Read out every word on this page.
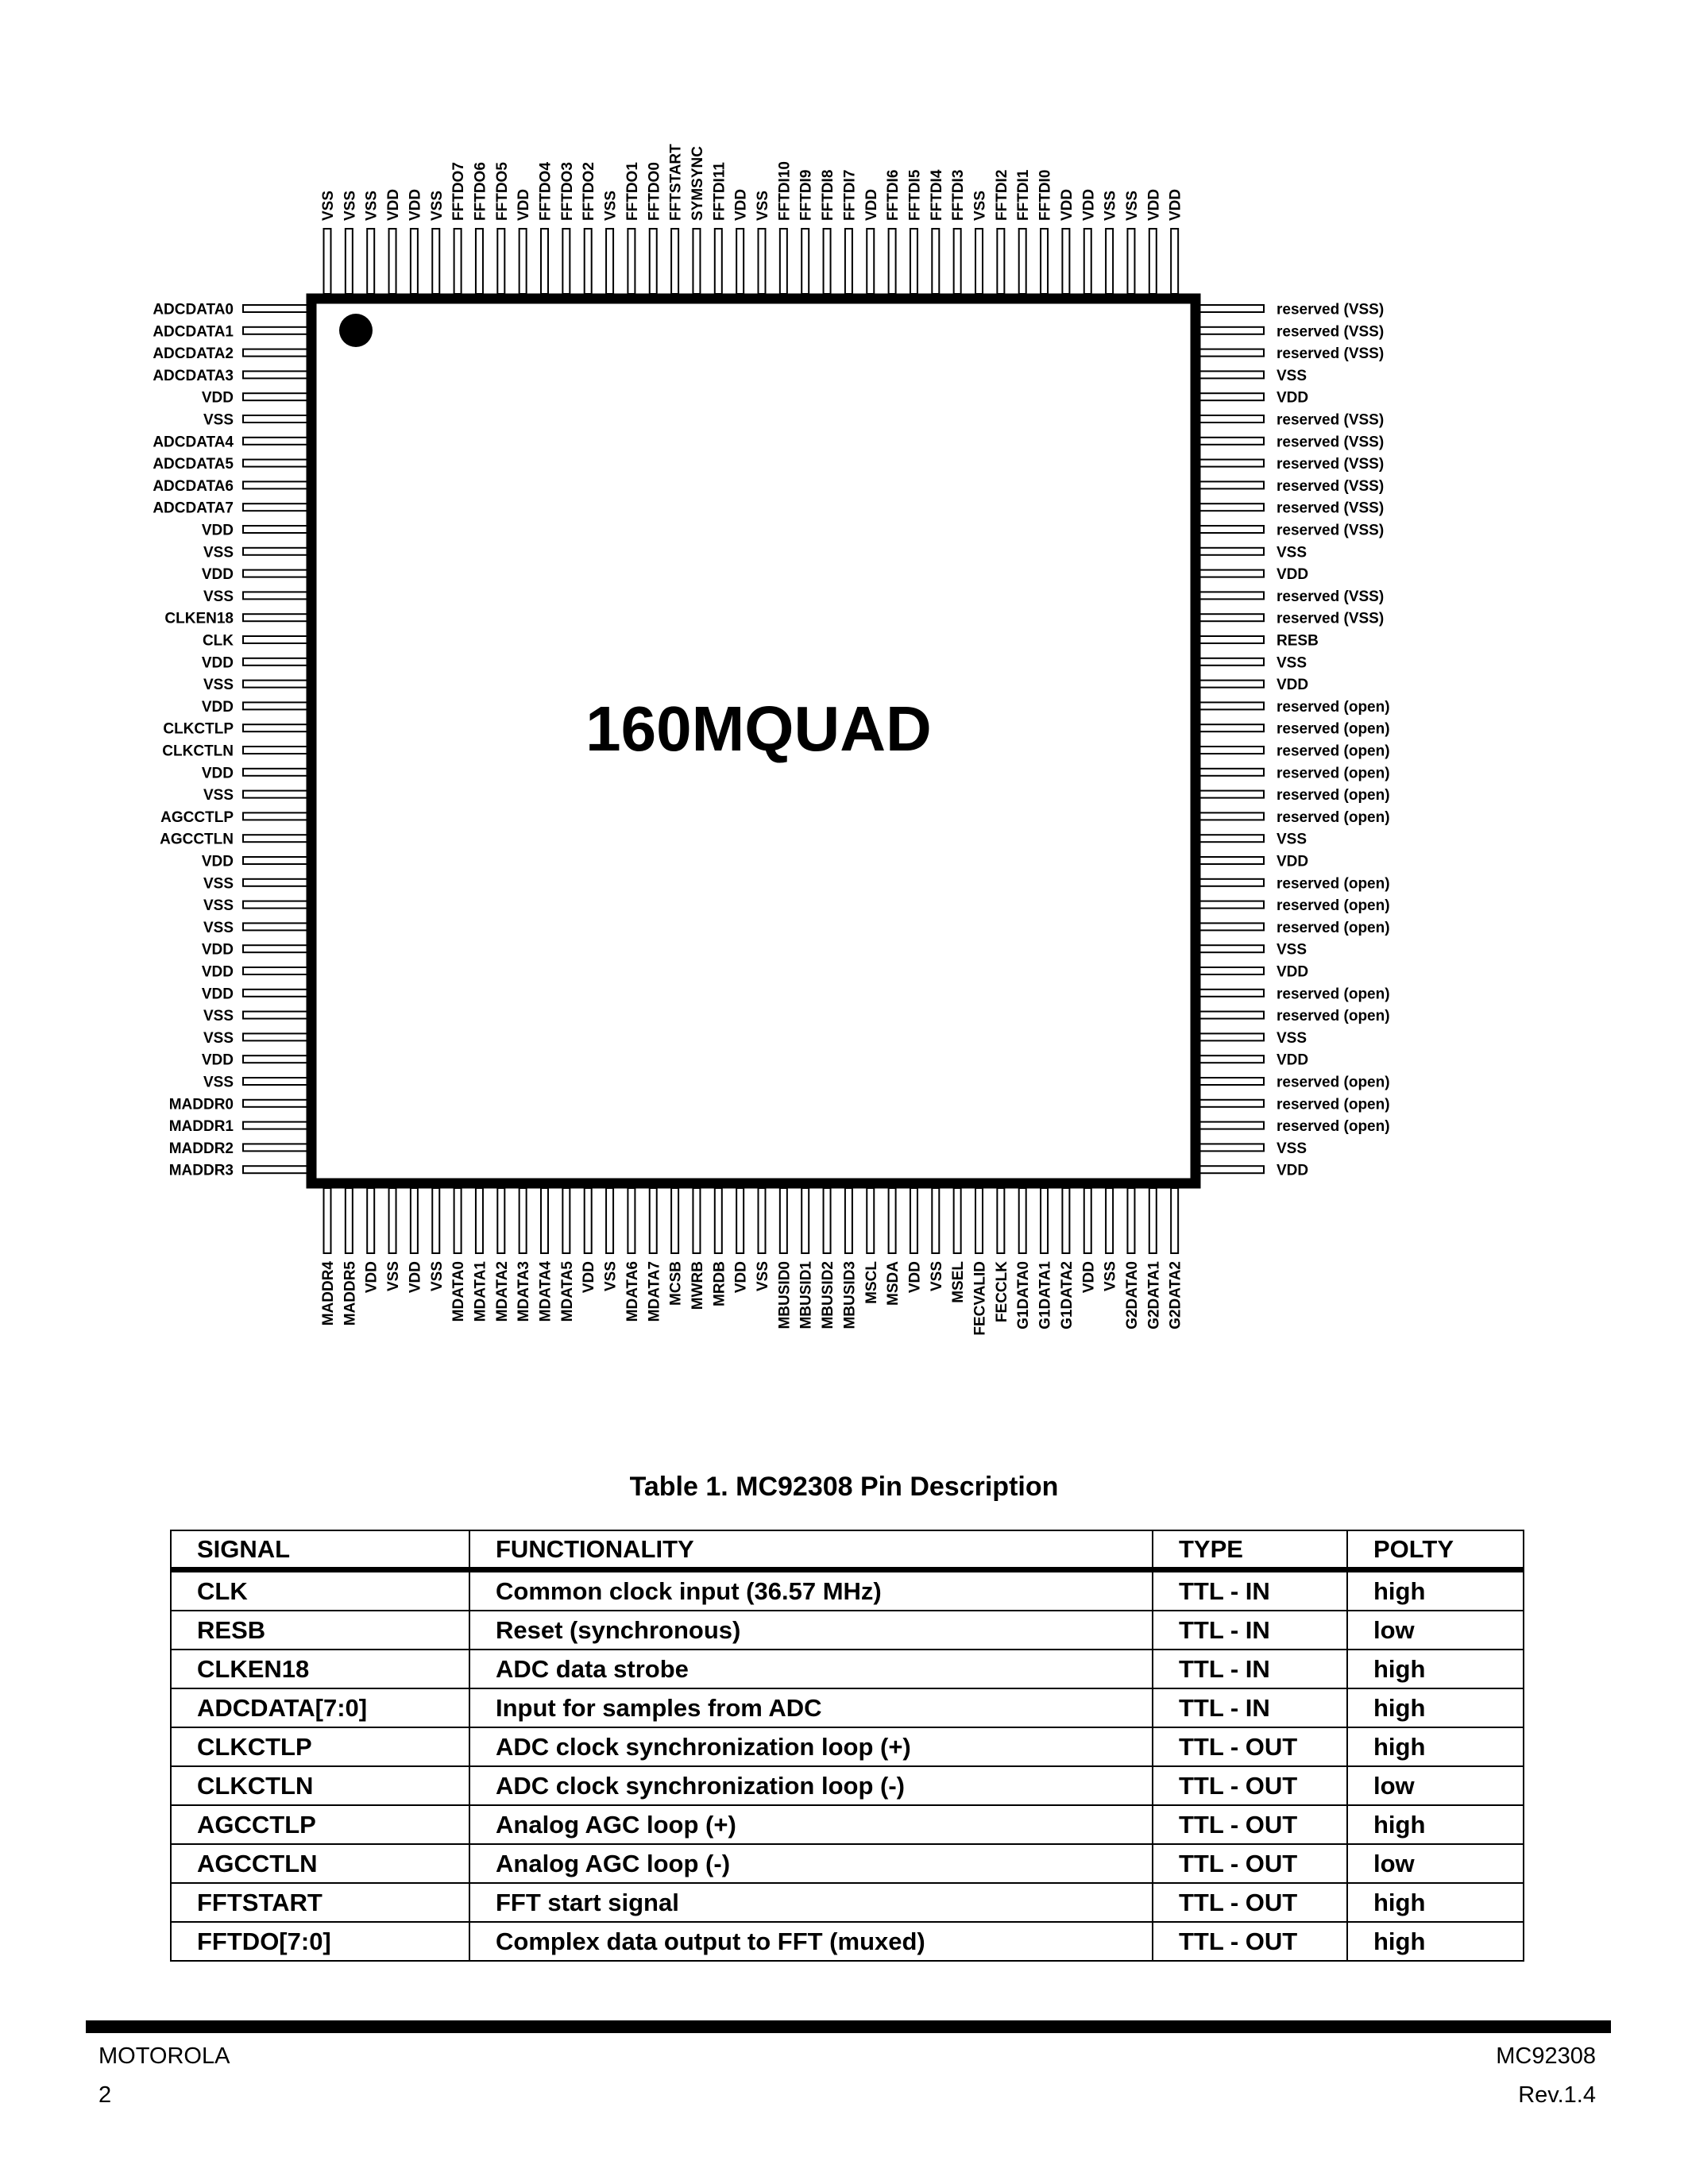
VSS VSS VSS VDD VDD VSS FFTDO7 FFTDO6 FFTDO5 VDD FFTDO4 FFTDO3 FFTDO2 VSS FFTDO1 FFTDO0 FFTSTART SYMSYNC FFTDI11 VDD VSS FFTDI10 FFTDI9 FFTDI8 FFTDI7 VDD FFTDI6 FFTDI5 FFTDI4 FFTDI3 VSS FFTDI2 FFTDI1 FFTDI0 VDD VDD VSS VSS VDD VDD
ADCDATA0
ADCDATA1
ADCDATA2
ADCDATA3
VDD
VSS
ADCDATA4
ADCDATA5
ADCDATA6
ADCDATA7
VDD
VSS
VDD
VSS
CLKEN18
CLK
VDD
VSS
VDD
CLKCTLP
CLKCTLN
VDD
VSS
AGCCTLP
AGCCTLN
VDD
VSS
VSS
VSS
VDD
VDD
VDD
VSS
VSS
VDD
VSS
MADDR0
MADDR1
MADDR2
MADDR3
reserved (VSS)
reserved (VSS)
reserved (VSS)
VSS
VDD
reserved (VSS)
reserved (VSS)
reserved (VSS)
reserved (VSS)
reserved (VSS)
reserved (VSS)
VSS
VDD
reserved (VSS)
reserved (VSS)
RESB
VSS
VDD
reserved (open)
reserved (open)
reserved (open)
reserved (open)
reserved (open)
reserved (open)
VSS
VDD
reserved (open)
reserved (open)
reserved (open)
VSS
VDD
reserved (open)
reserved (open)
VSS
VDD
reserved (open)
reserved (open)
reserved (open)
VSS
VDD
MADDR4 MADDR5 VDD VSS VDD VSS MDATA0 MDATA1 MDATA2 MDATA3 MDATA4 MDATA5 VDD VSS MDATA6 MDATA7 MCSB MWRB MRDB VDD VSS MBUSID0 MBUSID1 MBUSID2 MBUSID3 MSCL MSDA VDD VSS MSEL FECVALID FECCLK G1DATA0 G1DATA1 G1DATA2 VDD VSS G2DATA0 G2DATA1 G2DATA2
160MQUAD
Table 1. MC92308 Pin Description
SIGNAL	FUNCTIONALITY	TYPE	POLTY
CLK	Common clock input (36.57 MHz)	TTL - IN	high
RESB	Reset (synchronous)	TTL - IN	low
CLKEN18	ADC data strobe	TTL - IN	high
ADCDATA[7:0]	Input for samples from ADC	TTL - IN	high
CLKCTLP	ADC clock synchronization loop (+)	TTL - OUT	high
CLKCTLN	ADC clock synchronization loop (-)	TTL - OUT	low
AGCCTLP	Analog AGC loop (+)	TTL - OUT	high
AGCCTLN	Analog AGC loop (-)	TTL - OUT	low
FFTSTART	FFT start signal	TTL - OUT	high
FFTDO[7:0]	Complex data output to FFT (muxed)	TTL - OUT	high
MOTOROLA	MC92308
2	Rev.1.4
